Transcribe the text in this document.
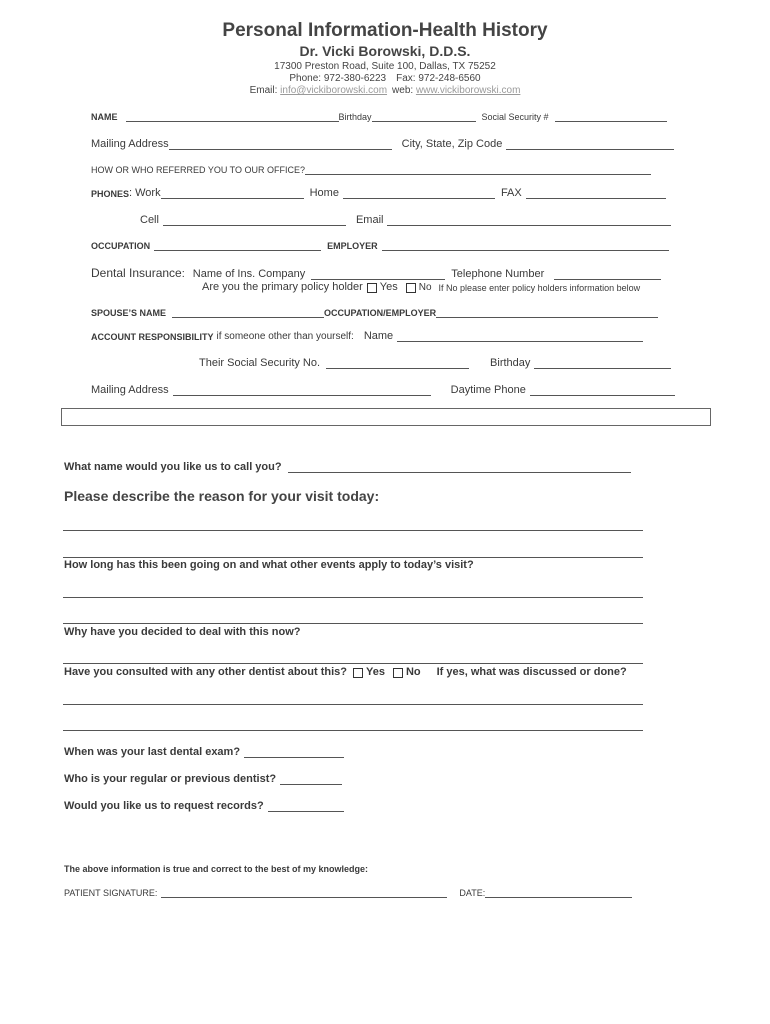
Personal Information-Health History
Dr. Vicki Borowski, D.D.S.
17300 Preston Road, Suite 100, Dallas, TX 75252
Phone: 972-380-6223 Fax: 972-248-6560
Email: info@vickiborowski.com web: www.vickiborowski.com
NAME	Birthday	Social Security #
Mailing Address	City, State, Zip Code
HOW OR WHO REFERRED YOU TO OUR OFFICE?
PHONES : Work	Home	FAX
Cell	Email
OCCUPATION	EMPLOYER
Dental Insurance : Name of Ins. Company	Telephone Number
Are you the primary policy holder Yes No If No please enter policy holders information below
SPOUSE’S NAME	OCCUPATION/EMPLOYER
ACCOUNT RESPONSIBILITY if someone other than yourself: Name
Their Social Security No.	Birthday
Mailing Address	Daytime Phone
What name would you like us to call you?
Please describe the reason for your visit today:
How long has this been going on and what other events apply to today’s visit?
Why have you decided to deal with this now?
Have you consulted with any other dentist about this? Yes No If yes, what was discussed or done?
When was your last dental exam?
Who is your regular or previous dentist?
Would you like us to request records?
The above information is true and correct to the best of my knowledge:
PATIENT SIGNATURE:	DATE:
